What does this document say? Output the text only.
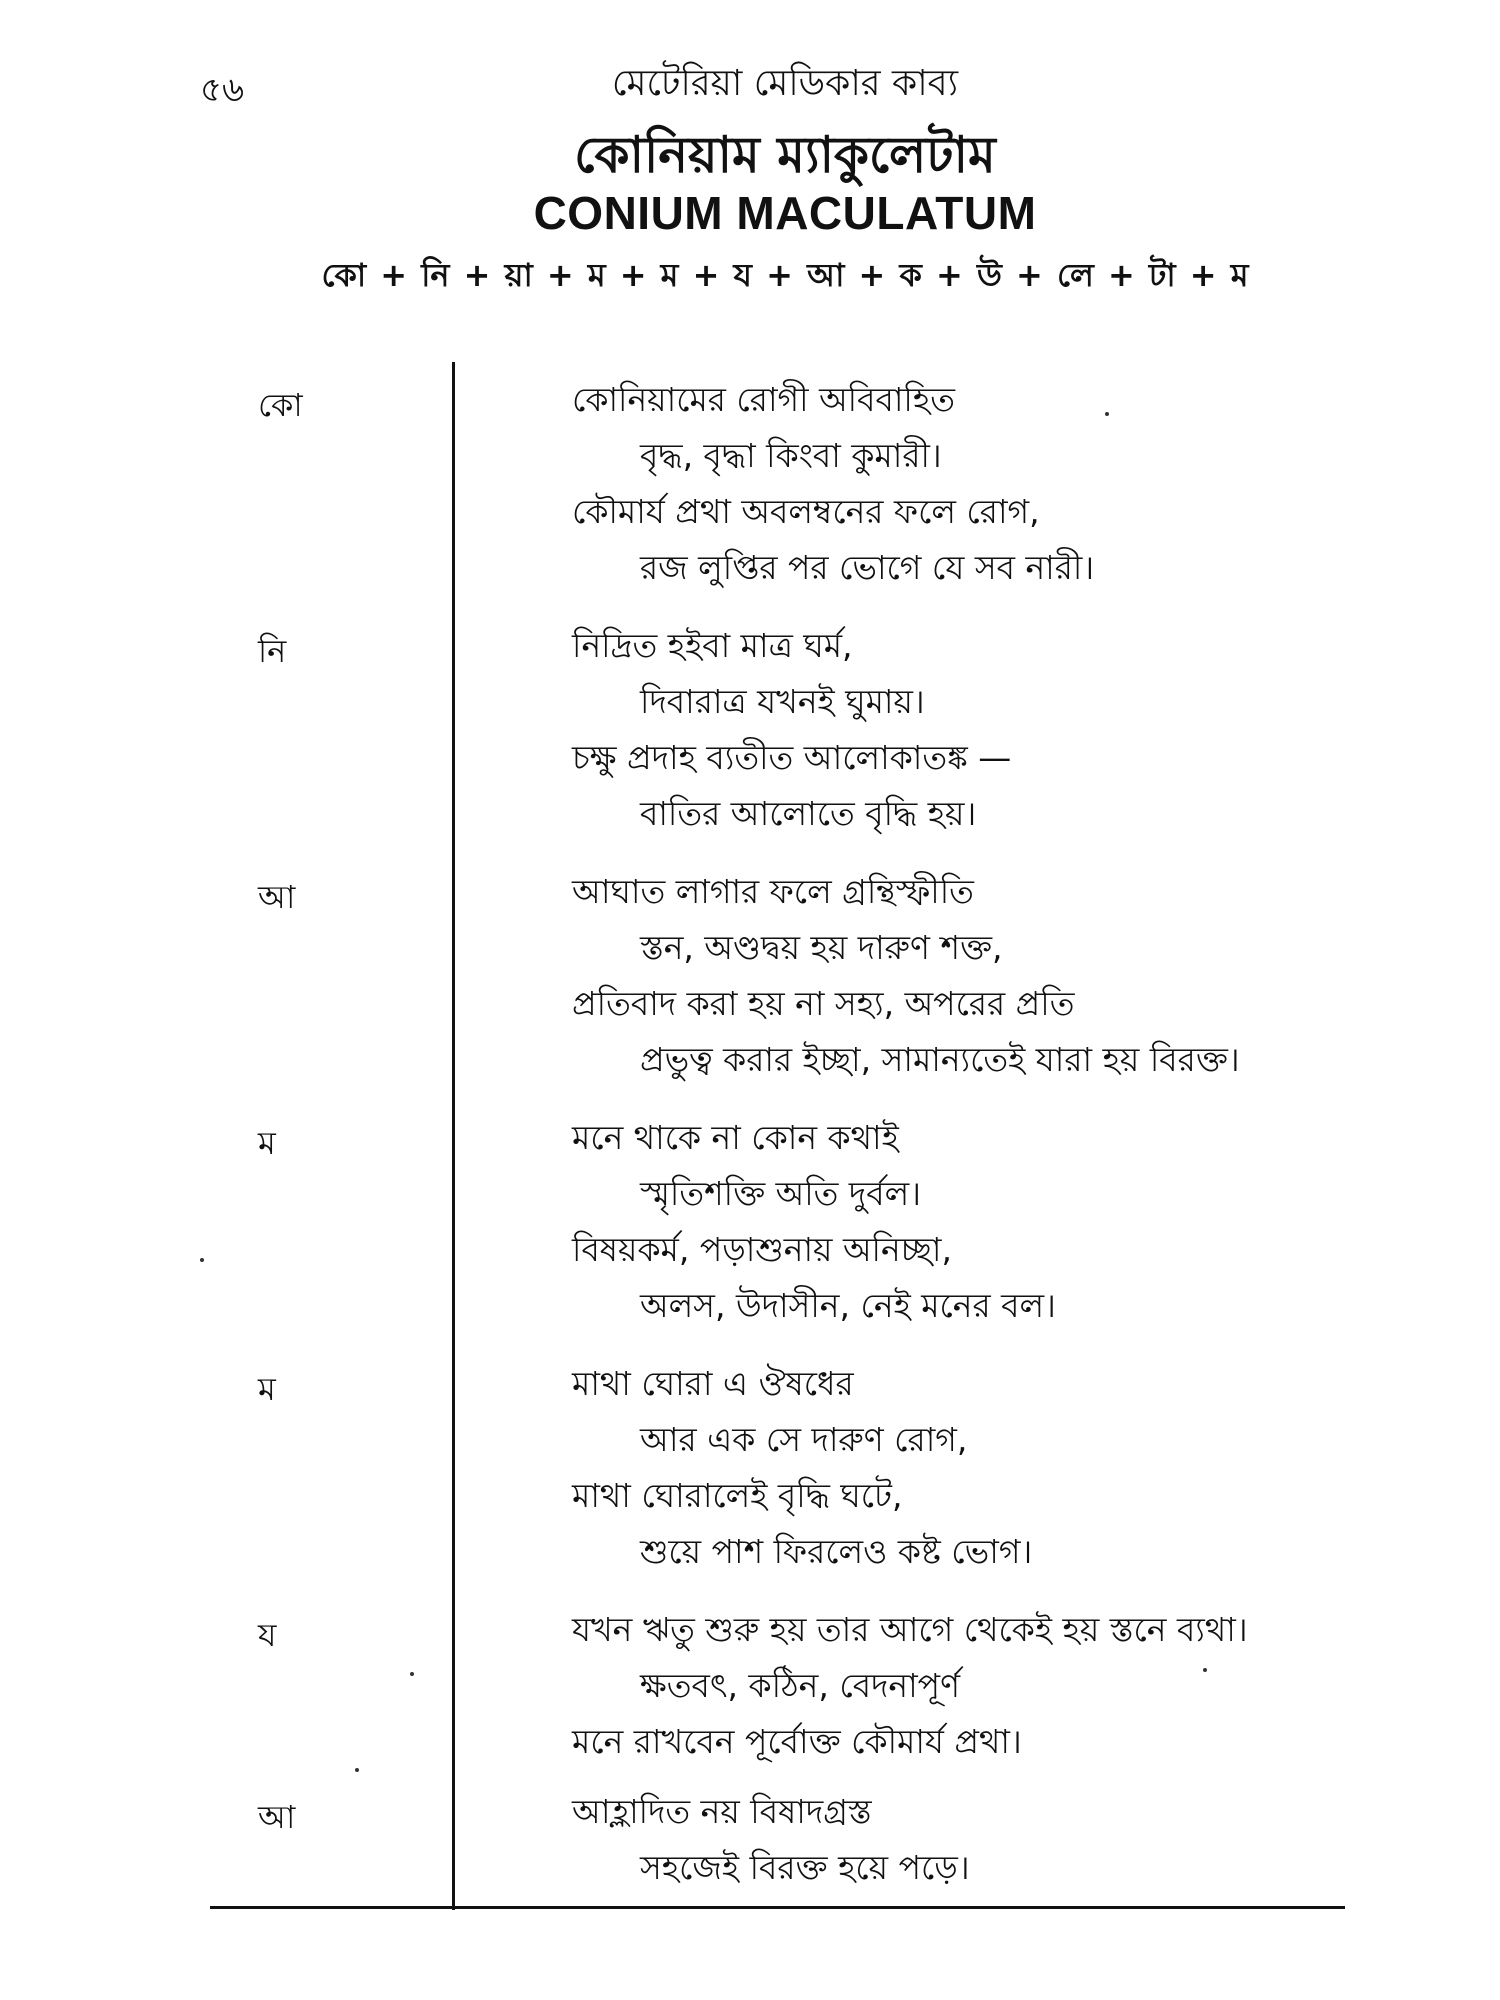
৫৬	মেটেরিয়া মেডিকার কাব্য
কোনিয়াম ম্যাকুলেটাম
CONIUM MACULATUM
কো + নি + য়া + ম + ম + য + আ + ক + উ + লে + টা + ম
কো	কোনিয়ামের রোগী অবিবাহিত
বৃদ্ধ, বৃদ্ধা কিংবা কুমারী।
কৌমার্য প্রথা অবলম্বনের ফলে রোগ,
রজ লুপ্তির পর ভোগে যে সব নারী।
নি	নিদ্রিত হইবা মাত্র ঘর্ম,
দিবারাত্র যখনই ঘুমায়।
চক্ষু প্রদাহ ব্যতীত আলোকাতঙ্ক —
বাতির আলোতে বৃদ্ধি হয়।
আ	আঘাত লাগার ফলে গ্রন্থিস্ফীতি
স্তন, অণ্ডদ্বয় হয় দারুণ শক্ত,
প্রতিবাদ করা হয় না সহ্য, অপরের প্রতি
প্রভুত্ব করার ইচ্ছা, সামান্যতেই যারা হয় বিরক্ত।
ম	মনে থাকে না কোন কথাই
স্মৃতিশক্তি অতি দুর্বল।
বিষয়কর্ম, পড়াশুনায় অনিচ্ছা,
অলস, উদাসীন, নেই মনের বল।
ম	মাথা ঘোরা এ ঔষধের
আর এক সে দারুণ রোগ,
মাথা ঘোরালেই বৃদ্ধি ঘটে,
শুয়ে পাশ ফিরলেও কষ্ট ভোগ।
য	যখন ঋতু শুরু হয় তার আগে থেকেই হয় স্তনে ব্যথা।
ক্ষতবৎ, কঠিন, বেদনাপূর্ণ
মনে রাখবেন পূর্বোক্ত কৌমার্য প্রথা।
আ	আহ্লাদিত নয় বিষাদগ্রস্ত
সহজেই বিরক্ত হয়ে পড়ে।
